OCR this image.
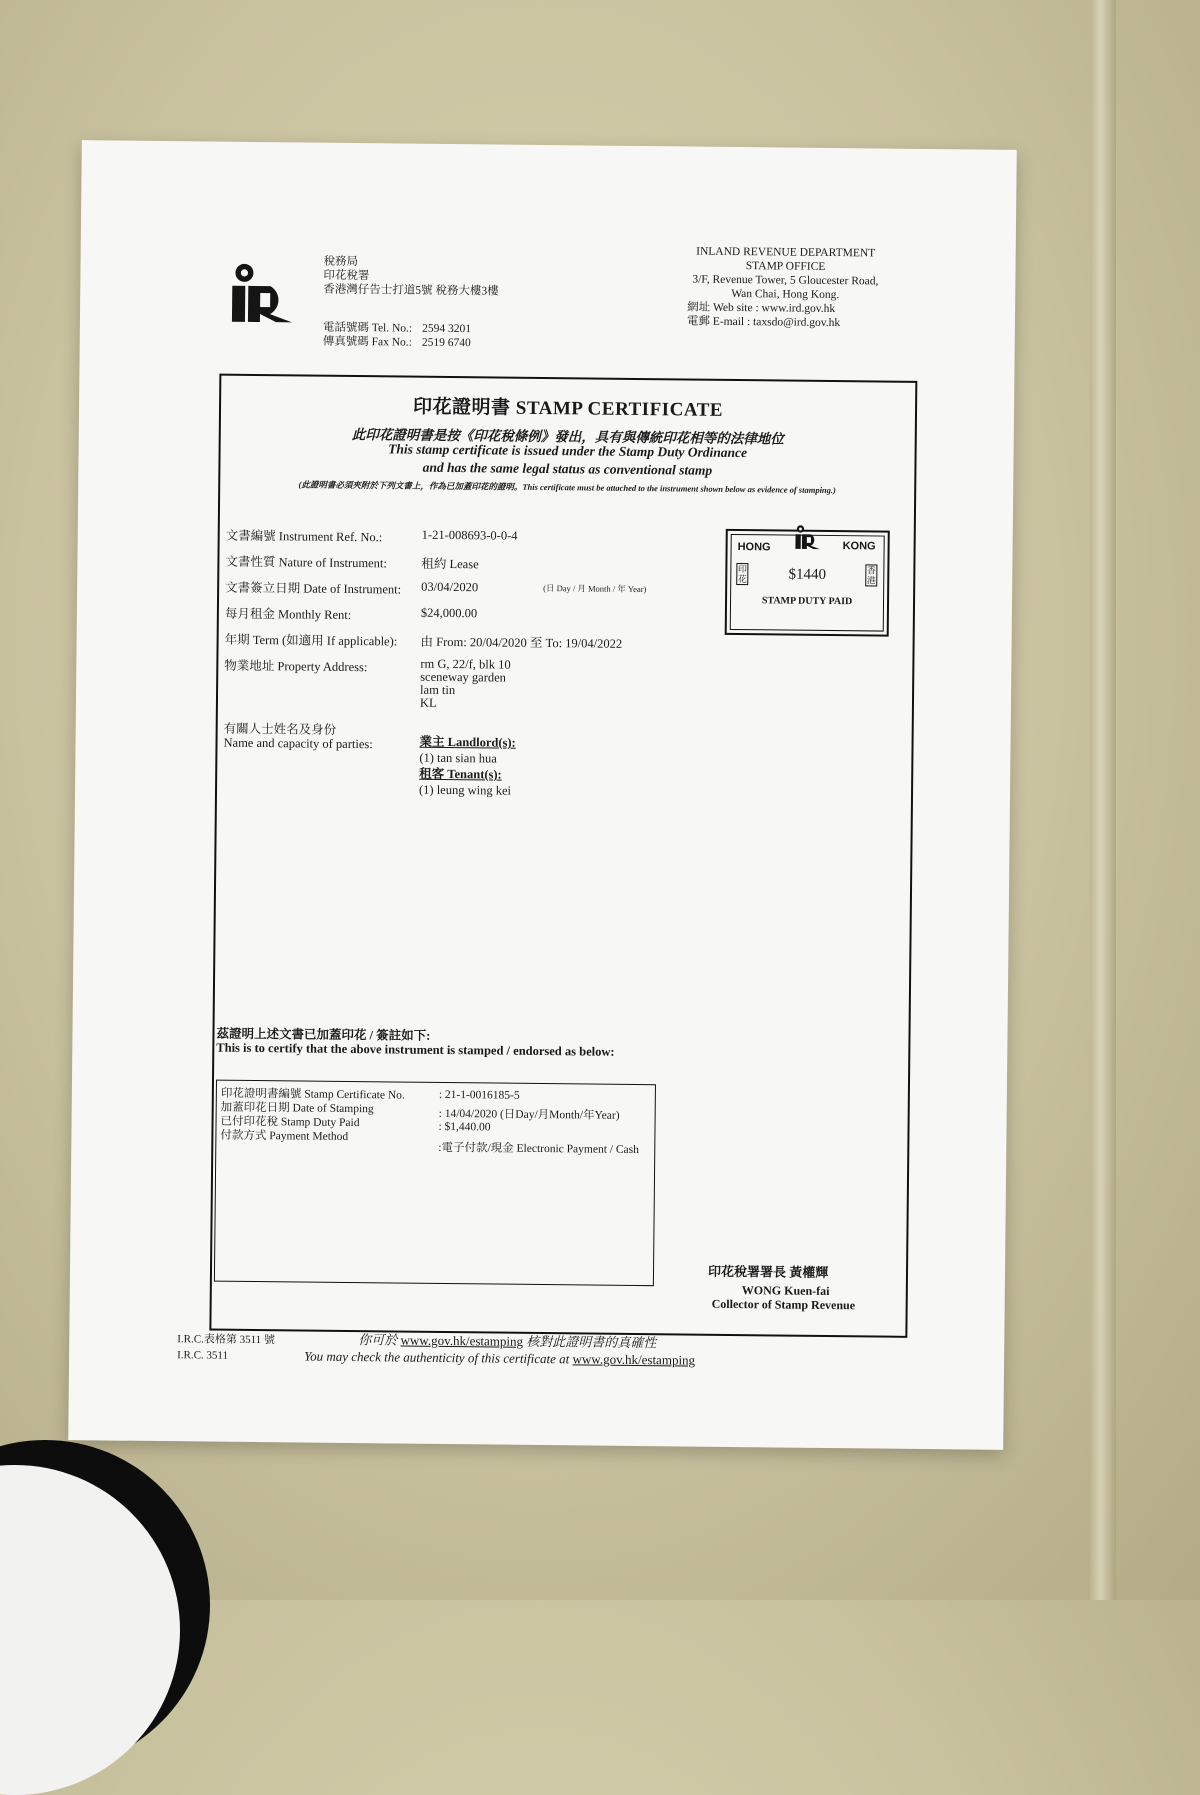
稅務局
印花稅署
香港灣仔告士打道5號 稅務大樓3樓
電話號碼 Tel. No.: 2594 3201
傳真號碼 Fax No.: 2519 6740
INLAND REVENUE DEPARTMENT
STAMP OFFICE
3/F, Revenue Tower, 5 Gloucester Road,
Wan Chai, Hong Kong.
網址 Web site : www.ird.gov.hk
電郵 E-mail : taxsdo@ird.gov.hk
印花證明書 STAMP CERTIFICATE
此印花證明書是按《印花稅條例》發出，具有與傳統印花相等的法律地位
This stamp certificate is issued under the Stamp Duty Ordinance
and has the same legal status as conventional stamp
(此證明書必須夾附於下列文書上，作為已加蓋印花的證明。This certificate must be attached to the instrument shown below as evidence of stamping.)
文書編號 Instrument Ref. No.:	1-21-008693-0-0-4
文書性質 Nature of Instrument:	租約 Lease
文書簽立日期 Date of Instrument: 03/04/2020	(日 Day / 月 Month / 年 Year)
每月租金 Monthly Rent:	$24,000.00
年期 Term (如適用 If applicable): 由 From: 20/04/2020 至 To: 19/04/2022
物業地址 Property Address:	rm G, 22/f, blk 10
sceneway garden
lam tin
KL
有關人士姓名及身份
Name and capacity of parties:	業主 Landlord(s):
(1) tan sian hua
租客 Tenant(s):
(1) leung wing kei
HONG	KONG
印花
香港
$1440
STAMP DUTY PAID
茲證明上述文書已加蓋印花 / 簽註如下:
This is to certify that the above instrument is stamped / endorsed as below:
印花證明書編號 Stamp Certificate No.	: 21-1-0016185-5
加蓋印花日期 Date of Stamping	: 14/04/2020 (日Day/月Month/年Year)
已付印花稅 Stamp Duty Paid	: $1,440.00
付款方式 Payment Method
:電子付款/現金 Electronic Payment / Cash
印花稅署署長 黃權輝
WONG Kuen-fai
Collector of Stamp Revenue
I.R.C.表格第 3511 號
I.R.C. 3511
你可於 www.gov.hk/estamping 核對此證明書的真確性
You may check the authenticity of this certificate at www.gov.hk/estamping
